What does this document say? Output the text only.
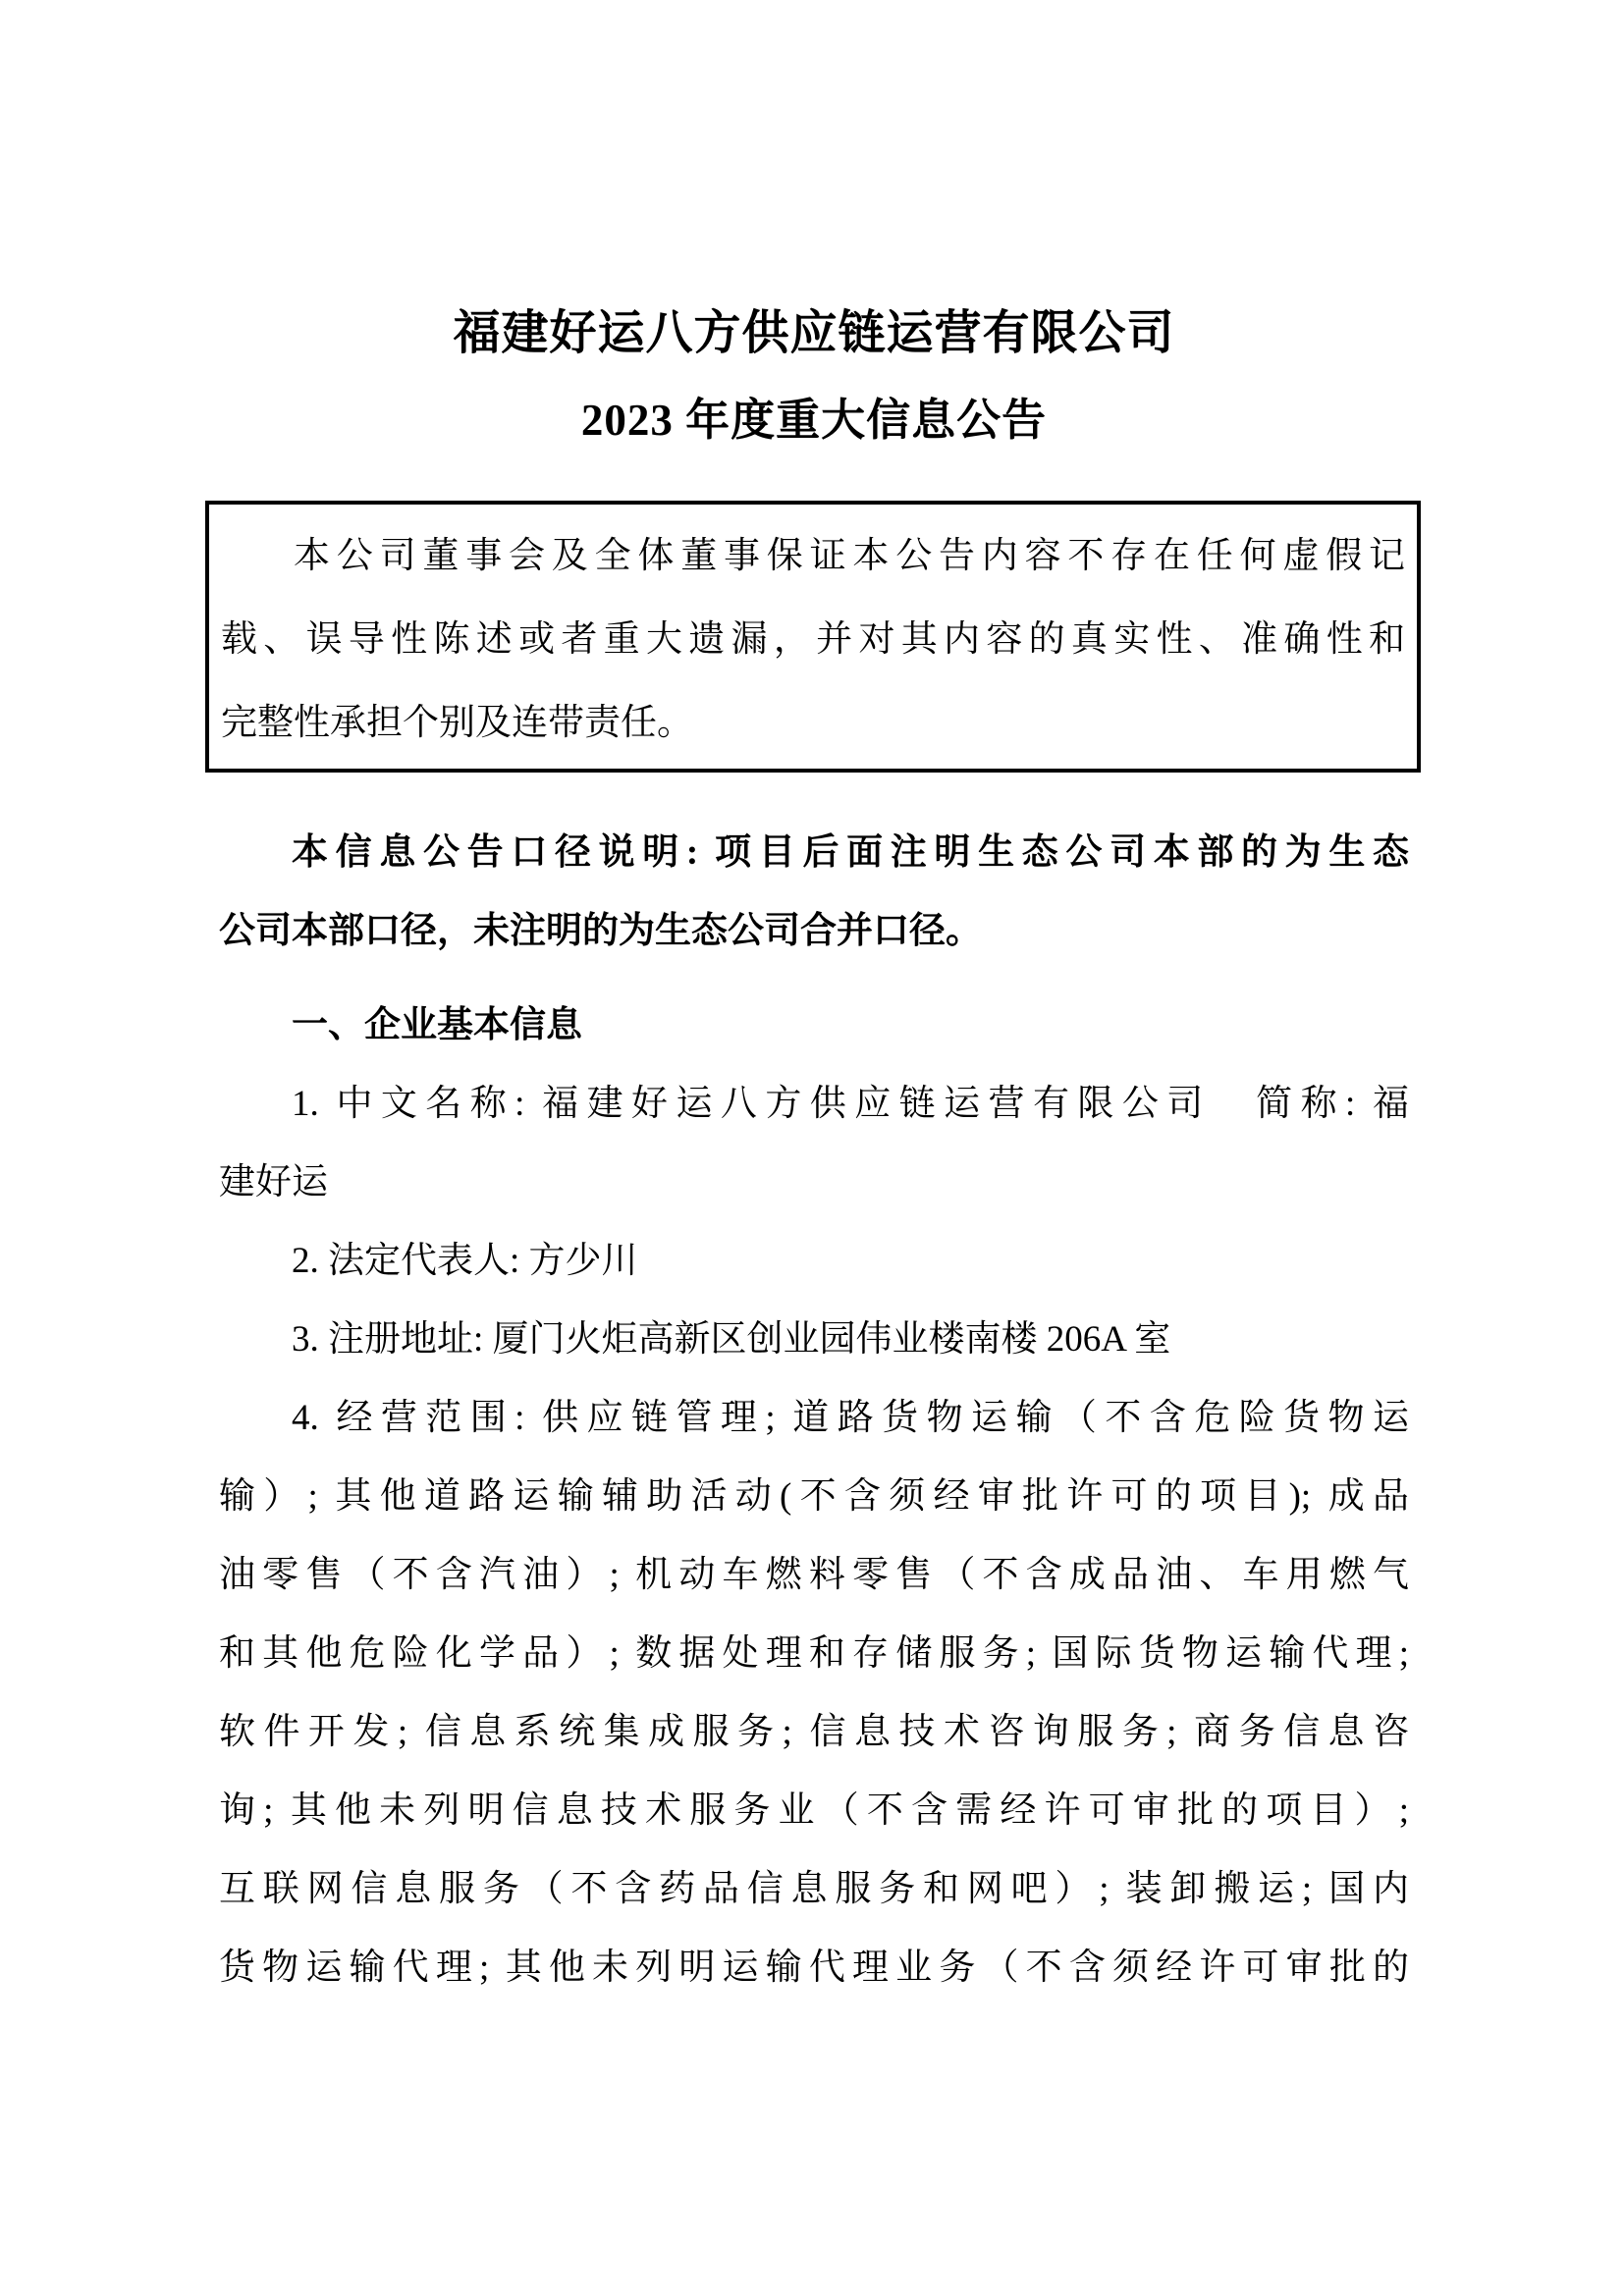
福建好运八方供应链运营有限公司
2023 年度重大信息公告
本公司董事会及全体董事保证本公告内容不存在任何虚假记
载、误导性陈述或者重大遗漏，并对其内容的真实性、准确性和
完整性承担个别及连带责任。
本信息公告口径说明: 项目后面注明生态公司本部的为生态
公司本部口径，未注明的为生态公司合并口径。
一、企业基本信息
1. 中文名称: 福建好运八方供应链运营有限公司　简称: 福
建好运
2. 法定代表人: 方少川
3. 注册地址: 厦门火炬高新区创业园伟业楼南楼 206A 室
4. 经营范围: 供应链管理; 道路货物运输（不含危险货物运
输）; 其他道路运输辅助活动(不含须经审批许可的项目); 成品
油零售（不含汽油）; 机动车燃料零售（不含成品油、车用燃气
和其他危险化学品）; 数据处理和存储服务; 国际货物运输代理;
软件开发; 信息系统集成服务; 信息技术咨询服务; 商务信息咨
询; 其他未列明信息技术服务业（不含需经许可审批的项目）;
互联网信息服务（不含药品信息服务和网吧）; 装卸搬运; 国内
货物运输代理; 其他未列明运输代理业务（不含须经许可审批的
